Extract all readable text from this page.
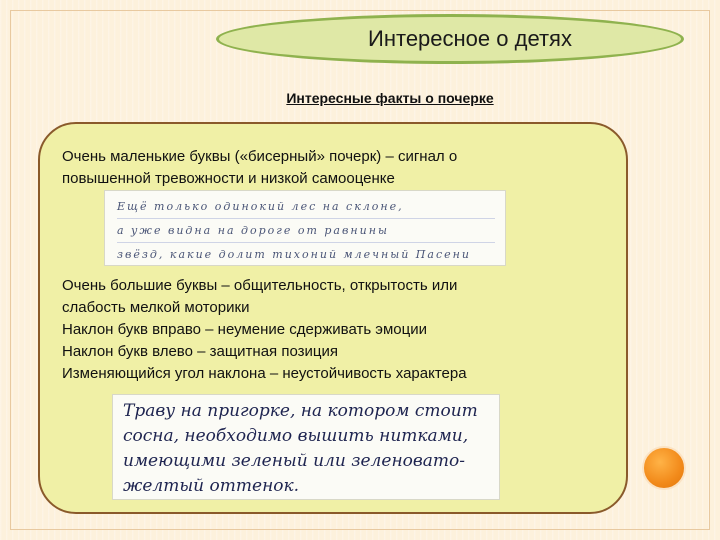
Интересное о детях
Интересные факты о почерке
Очень маленькие буквы («бисерный» почерк) – сигнал о
повышенной тревожности и низкой самооценке
Ещё только одинокий лес на склоне,
а уже видна на дороге от равнины
звёзд, какие долит тихоний млечный Пасени
Очень большие буквы – общительность, открытость или
слабость мелкой моторики
Наклон букв вправо – неумение сдерживать эмоции
Наклон букв влево – защитная позиция
Изменяющийся угол наклона – неустойчивость характера
Траву на пригорке, на котором стоит
сосна, необходимо вышить нитками,
имеющими зеленый или зеленовато-
желтый оттенок.
